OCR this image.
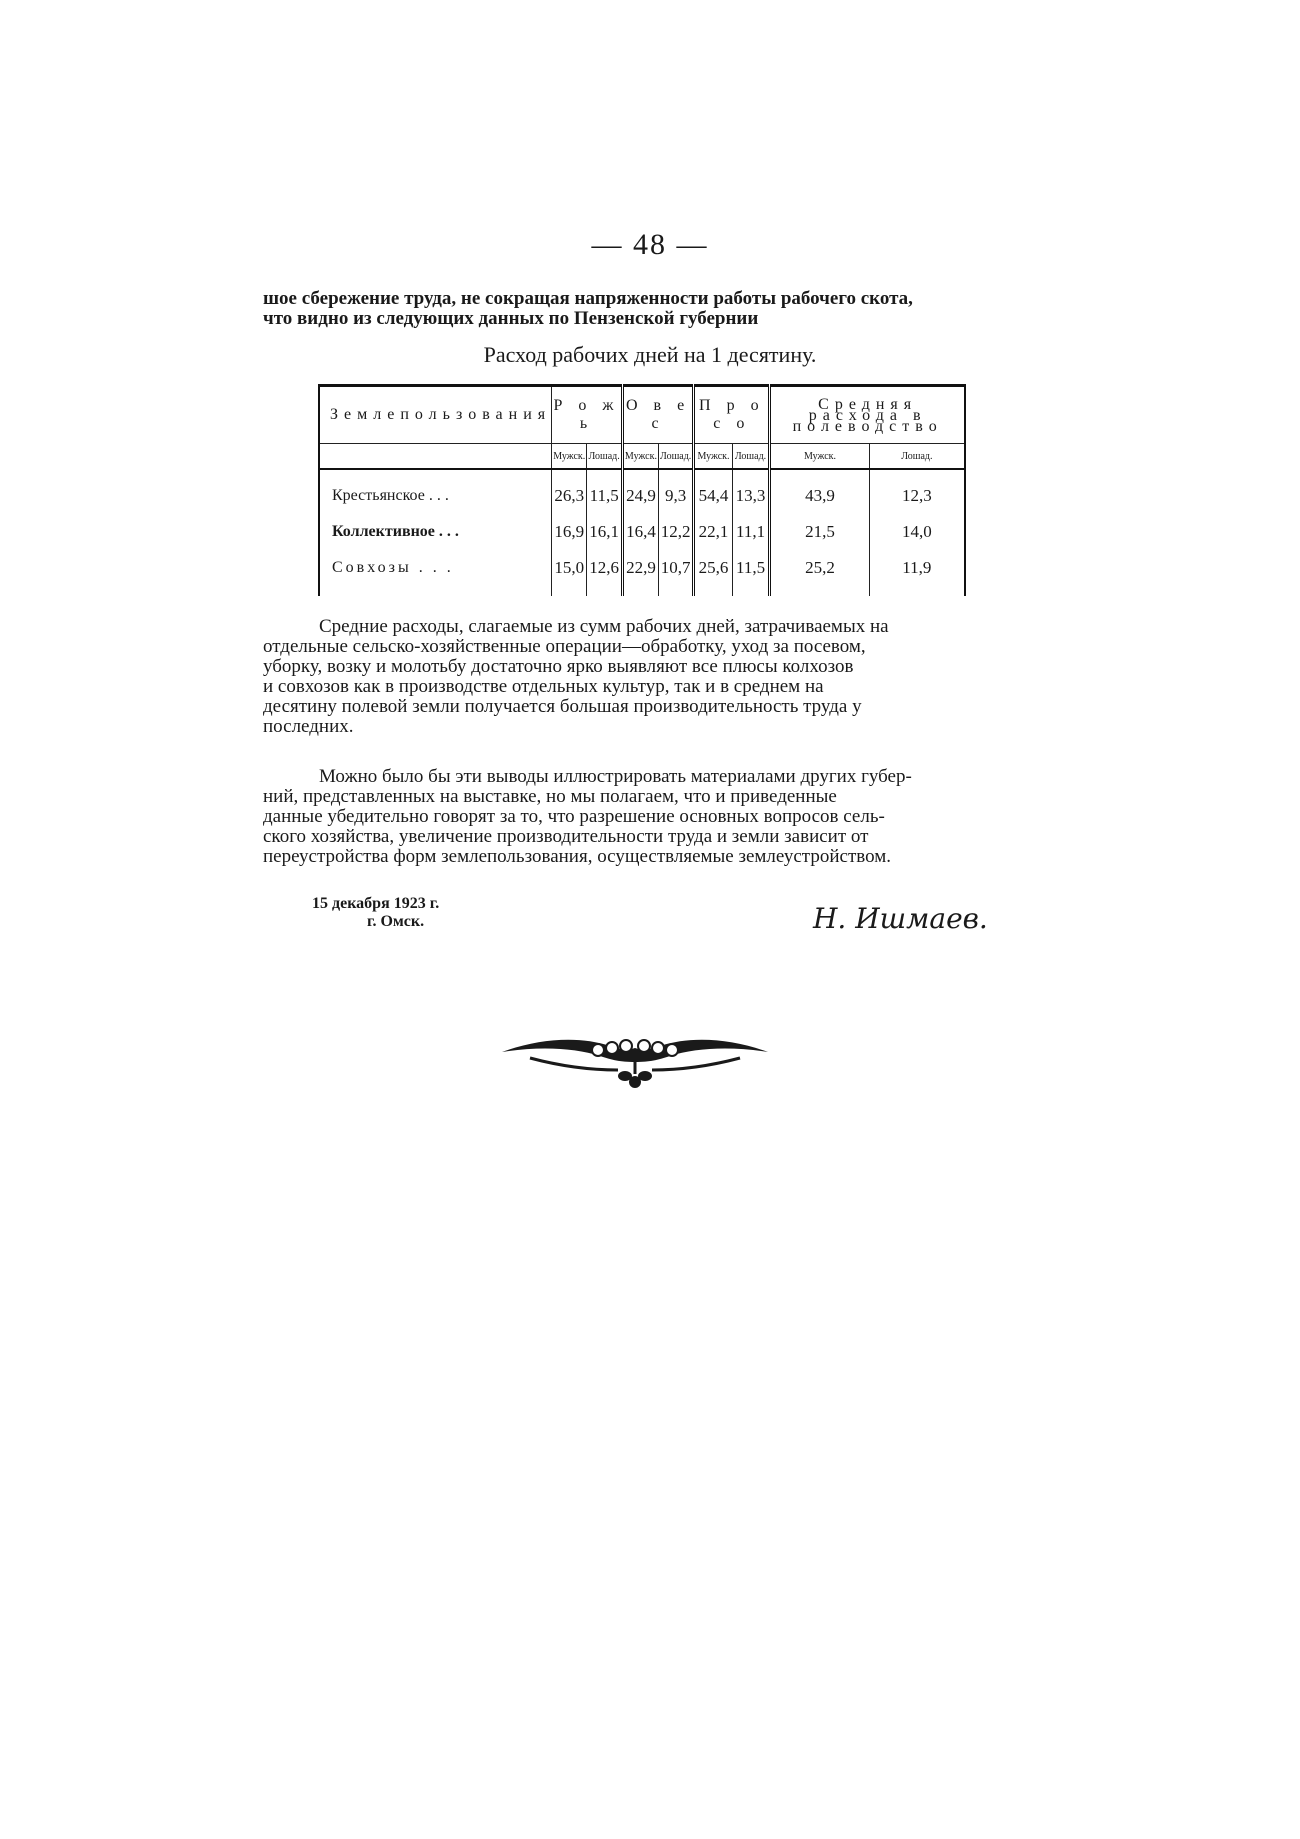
— 48 —

шое сбережение труда, не сокращая напряженности работы рабочего скота,

что видно из следующих данных по Пензенской губернии

Расход рабочих дней на 1 десятину.
Землепользования	Р о ж ь		О в е с		П р о с о		Средняя расхода в полеводство	
	Мужск.	Лошад.	Мужск.	Лошад.	Мужск.	Лошад.	Мужск.	Лошад.
Крестьянское . . .	26,3	11,5	24,9	9,3	54,4	13,3	43,9	12,3
Коллективное . . .	16,9	16,1	16,4	12,2	22,1	11,1	21,5	14,0
Совхозы . . .	15,0	12,6	22,9	10,7	25,6	11,5	25,2	11,9

Средние расходы, слагаемые из сумм рабочих дней, затрачиваемых на

отдельные сельско-хозяйственные операции—обработку, уход за посевом,

уборку, возку и молотьбу достаточно ярко выявляют все плюсы колхозов

и совхозов как в производстве отдельных культур, так и в среднем на

десятину полевой земли получается большая производительность труда у

последних.

Можно было бы эти выводы иллюстрировать материалами других губер-

ний, представленных на выставке, но мы полагаем, что и приведенные

данные убедительно говорят за то, что разрешение основных вопросов сель-

ского хозяйства, увеличение производительности труда и земли зависит от

переустройства форм землепользования, осуществляемые землеустройством.

15 декабря 1923 г.
г. Омск.	Н. Ишмаев.
